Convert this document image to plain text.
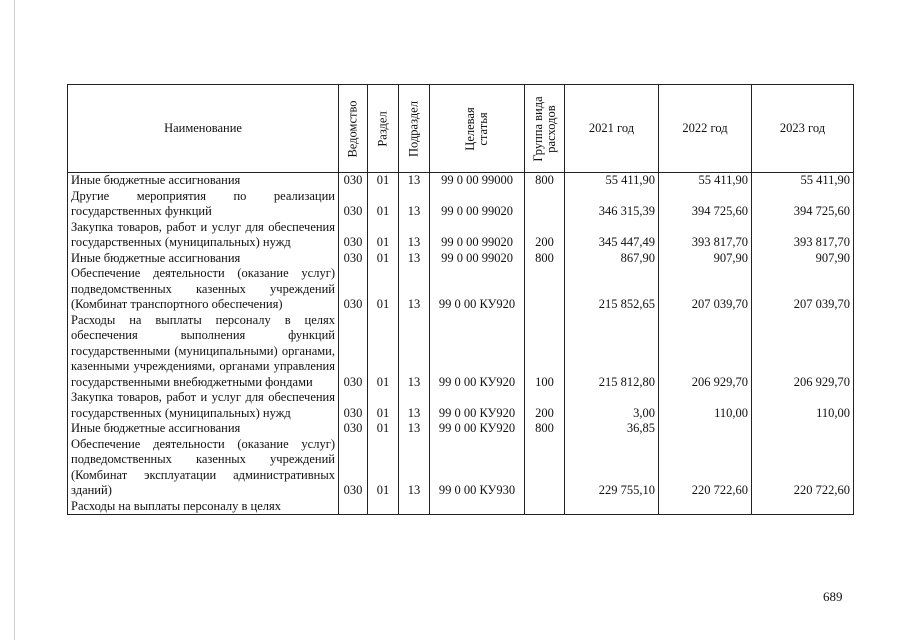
Наименование	Ведомство	Раздел	Подраздел	Целевая статья	Группа вида расходов	2021 год	2022 год	2023 год
Иные бюджетные ассигнования	030	01	13	99 0 00 99000	800	55 411,90	55 411,90	55 411,90
Другие мероприятия по реализации государственных функций	030	01	13	99 0 00 99020		346 315,39	394 725,60	394 725,60
Закупка товаров, работ и услуг для обеспечения государственных (муниципальных) нужд	030	01	13	99 0 00 99020	200	345 447,49	393 817,70	393 817,70
Иные бюджетные ассигнования	030	01	13	99 0 00 99020	800	867,90	907,90	907,90
Обеспечение деятельности (оказание услуг) подведомственных казенных учреждений (Комбинат транспортного обеспечения)	030	01	13	99 0 00 КУ920		215 852,65	207 039,70	207 039,70
Расходы на выплаты персоналу в целях обеспечения выполнения функций государственными (муниципальными) органами, казенными учреждениями, органами управления государственными внебюджетными фондами	030	01	13	99 0 00 КУ920	100	215 812,80	206 929,70	206 929,70
Закупка товаров, работ и услуг для обеспечения государственных (муниципальных) нужд	030	01	13	99 0 00 КУ920	200	3,00	110,00	110,00
Иные бюджетные ассигнования	030	01	13	99 0 00 КУ920	800	36,85		
Обеспечение деятельности (оказание услуг) подведомственных казенных учреждений (Комбинат эксплуатации административных зданий)	030	01	13	99 0 00 КУ930		229 755,10	220 722,60	220 722,60
Расходы на выплаты персоналу в целях								
689
